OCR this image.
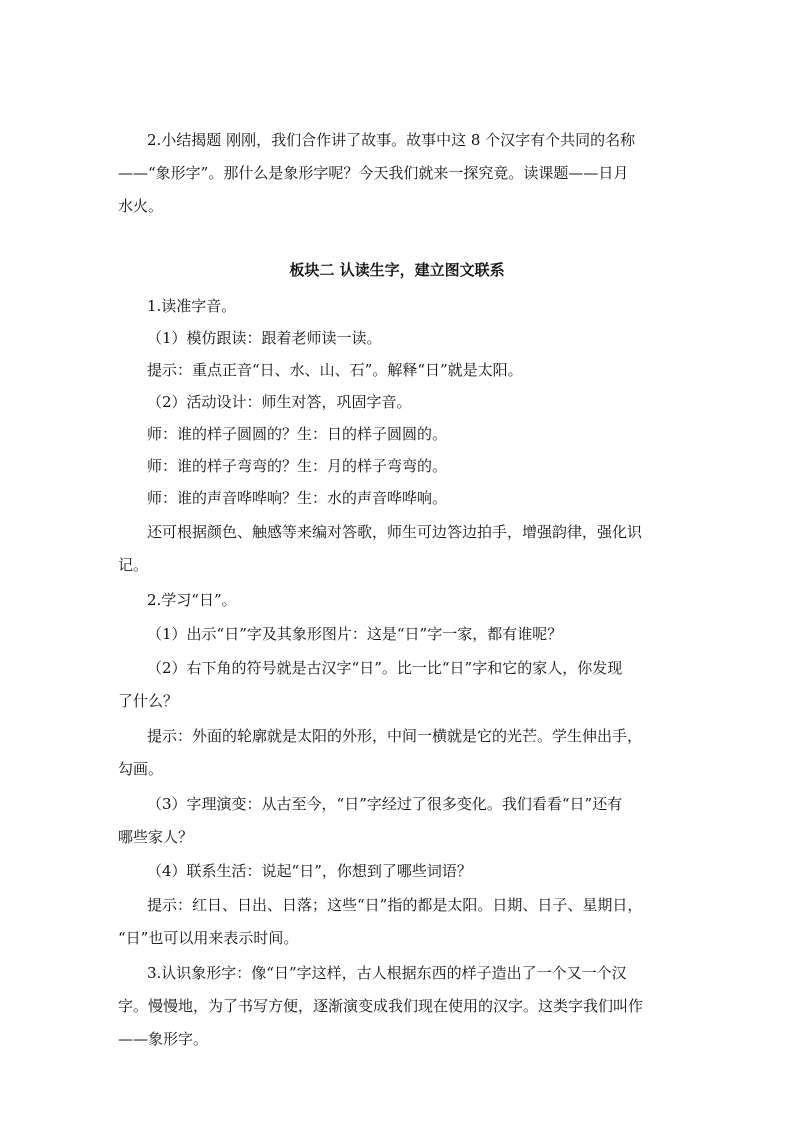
2.小结揭题 刚刚，我们合作讲了故事。故事中这 8 个汉字有个共同的名称
——“象形字”。那什么是象形字呢？今天我们就来一探究竟。读课题——日月
水火。
板块二 认读生字，建立图文联系
1.读准字音。
（1）模仿跟读：跟着老师读一读。
提示：重点正音“日、水、山、石”。解释“日”就是太阳。
（2）活动设计：师生对答，巩固字音。
师：谁的样子圆圆的？生：日的样子圆圆的。
师：谁的样子弯弯的？生：月的样子弯弯的。
师：谁的声音哗哗响？生：水的声音哗哗响。
还可根据颜色、触感等来编对答歌，师生可边答边拍手，增强韵律，强化识
记。
2.学习“日”。
（1）出示“日”字及其象形图片：这是“日”字一家，都有谁呢？
（2）右下角的符号就是古汉字“日”。比一比“日”字和它的家人，你发现
了什么？
提示：外面的轮廓就是太阳的外形，中间一横就是它的光芒。学生伸出手，
勾画。
（3）字理演变：从古至今，“日”字经过了很多变化。我们看看“日”还有
哪些家人？
（4）联系生活：说起“日”，你想到了哪些词语？
提示：红日、日出、日落；这些“日”指的都是太阳。日期、日子、星期日，
“日”也可以用来表示时间。
3.认识象形字：像“日”字这样，古人根据东西的样子造出了一个又一个汉
字。慢慢地，为了书写方便，逐渐演变成我们现在使用的汉字。这类字我们叫作
——象形字。
